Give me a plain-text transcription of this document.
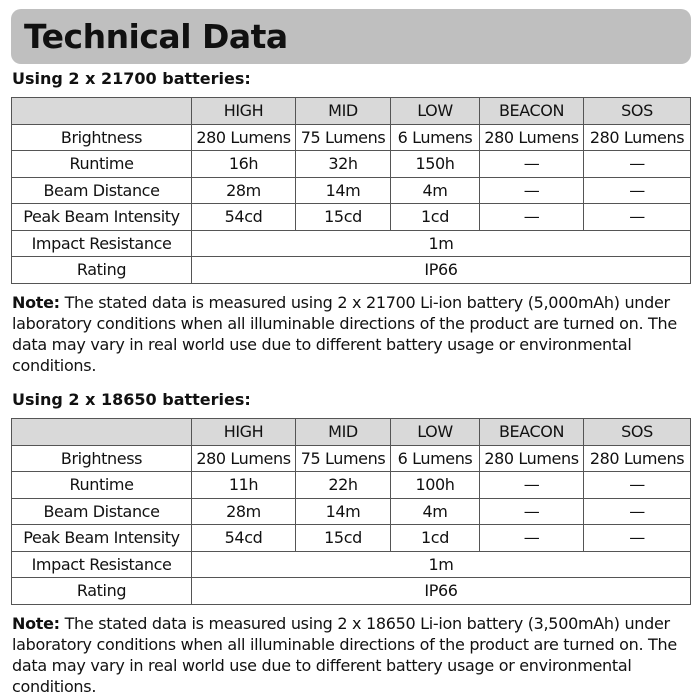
Technical Data
Using 2 x 21700 batteries:
	HIGH	MID	LOW	BEACON	SOS
Brightness	280 Lumens	75 Lumens	6 Lumens	280 Lumens	280 Lumens
Runtime	16h	32h	150h	—	—
Beam Distance	28m	14m	4m	—	—
Peak Beam Intensity	54cd	15cd	1cd	—	—
Impact Resistance	1m				
Rating	IP66				
Note: The stated data is measured using 2 x 21700 Li-ion battery (5,000mAh) under laboratory conditions when all illuminable directions of the product are turned on. The data may vary in real world use due to different battery usage or environmental conditions.
Using 2 x 18650 batteries:
	HIGH	MID	LOW	BEACON	SOS
Brightness	280 Lumens	75 Lumens	6 Lumens	280 Lumens	280 Lumens
Runtime	11h	22h	100h	—	—
Beam Distance	28m	14m	4m	—	—
Peak Beam Intensity	54cd	15cd	1cd	—	—
Impact Resistance	1m				
Rating	IP66				
Note: The stated data is measured using 2 x 18650 Li-ion battery (3,500mAh) under laboratory conditions when all illuminable directions of the product are turned on. The data may vary in real world use due to different battery usage or environmental conditions.
